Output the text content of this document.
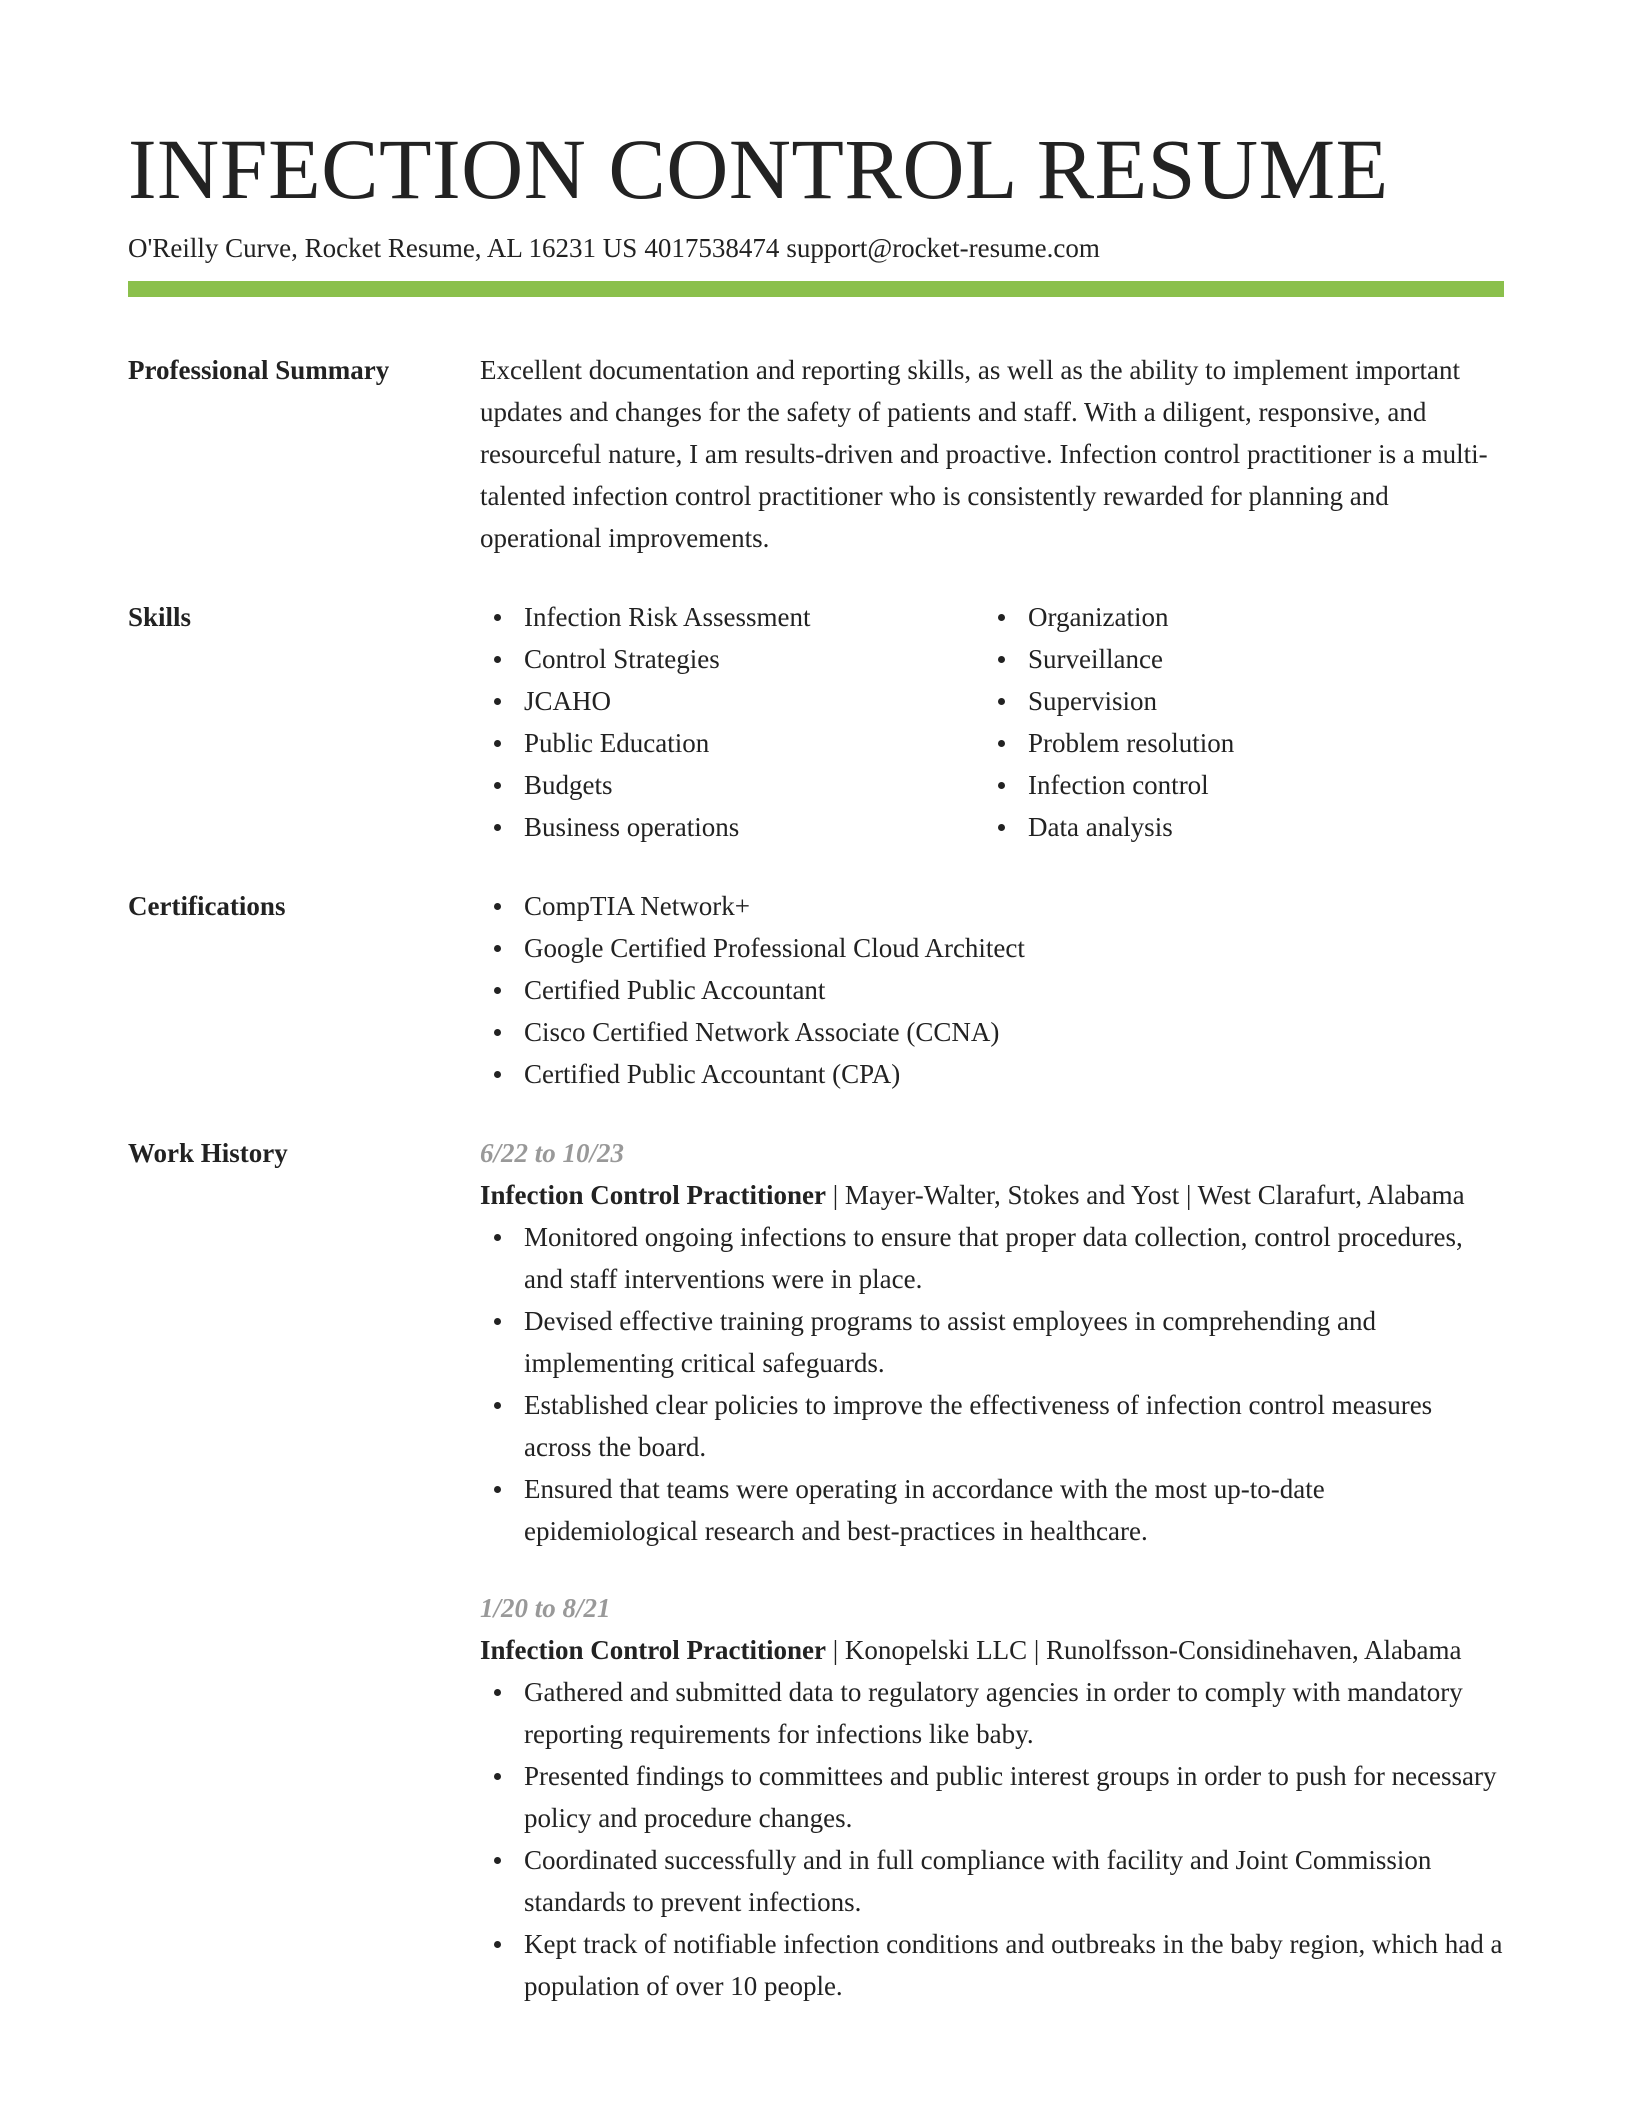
INFECTION CONTROL RESUME
O'Reilly Curve, Rocket Resume, AL 16231 US 4017538474 support@rocket-resume.com
Professional Summary	Excellent documentation and reporting skills, as well as the ability to implement important updates and changes for the safety of patients and staff. With a diligent, responsive, and resourceful nature, I am results-driven and proactive. Infection control practitioner is a multi-talented infection control practitioner who is consistently rewarded for planning and operational improvements.

Skills	Infection Risk Assessment
Control Strategies
JCAHO
Public Education
Budgets
Business operations
Organization
Surveillance
Supervision
Problem resolution
Infection control
Data analysis
Certifications	CompTIA Network+
Google Certified Professional Cloud Architect
Certified Public Accountant
Cisco Certified Network Associate (CCNA)
Certified Public Accountant (CPA)
Work History	6/22 to 10/23
Infection Control Practitioner | Mayer-Walter, Stokes and Yost | West Clarafurt, Alabama
Monitored ongoing infections to ensure that proper data collection, control procedures, and staff interventions were in place.
Devised effective training programs to assist employees in comprehending and implementing critical safeguards.
Established clear policies to improve the effectiveness of infection control measures across the board.
Ensured that teams were operating in accordance with the most up-to-date epidemiological research and best-practices in healthcare.
1/20 to 8/21
Infection Control Practitioner | Konopelski LLC | Runolfsson-Considinehaven, Alabama
Gathered and submitted data to regulatory agencies in order to comply with mandatory reporting requirements for infections like baby.
Presented findings to committees and public interest groups in order to push for necessary policy and procedure changes.
Coordinated successfully and in full compliance with facility and Joint Commission standards to prevent infections.
Kept track of notifiable infection conditions and outbreaks in the baby region, which had a population of over 10 people.
